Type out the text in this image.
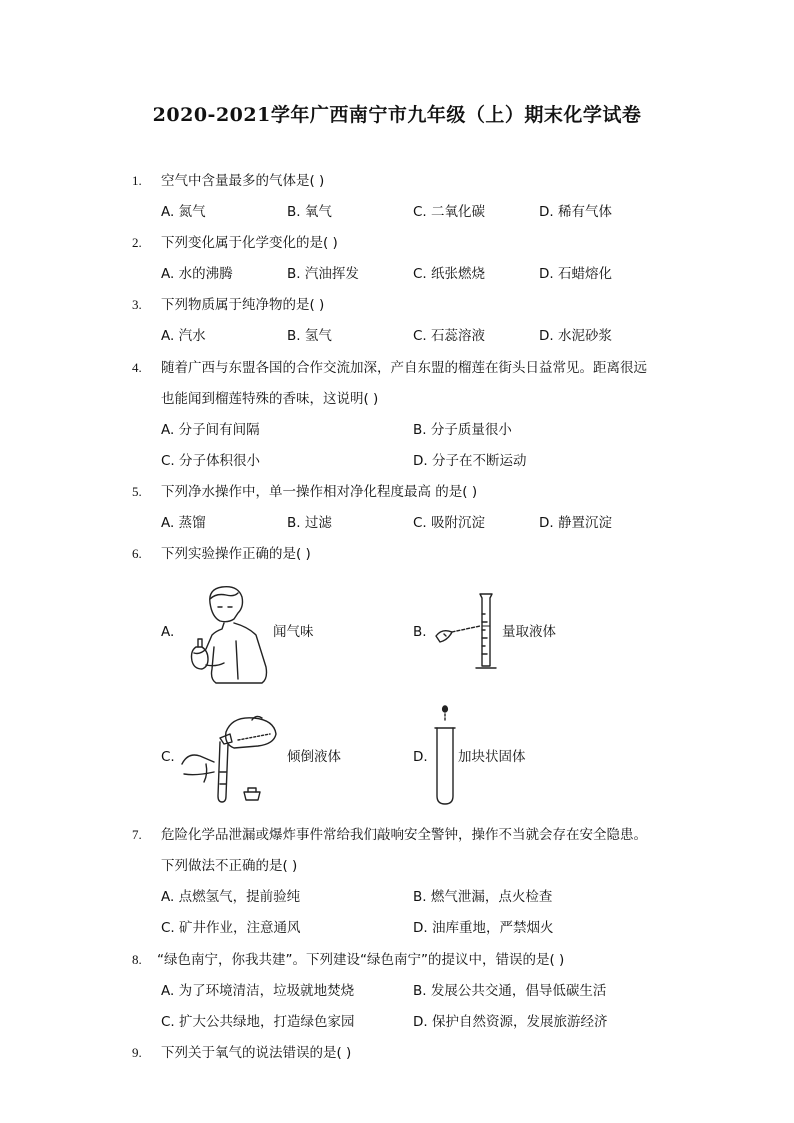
2020-2021学年广西南宁市九年级（上）期末化学试卷
1. 空气中含量最多的气体是( )
A. 氮气	B. 氧气	C. 二氧化碳	D. 稀有气体
2. 下列变化属于化学变化的是( )
A. 水的沸腾	B. 汽油挥发	C. 纸张燃烧	D. 石蜡熔化
3. 下列物质属于纯净物的是( )
A. 汽水	B. 氢气	C. 石蕊溶液	D. 水泥砂浆
4. 随着广西与东盟各国的合作交流加深，产自东盟的榴莲在街头日益常见。距离很远
也能闻到榴莲特殊的香味，这说明( )
A. 分子间有间隔	B. 分子质量很小
C. 分子体积很小	D. 分子在不断运动
5. 下列净水操作中，单一操作相对净化程度最高 的是( )
A. 蒸馏	B. 过滤	C. 吸附沉淀	D. 静置沉淀
6. 下列实验操作正确的是( )
A.	闻气味	B.	量取液体
C.	倾倒液体	D. 加块状固体
7. 危险化学品泄漏或爆炸事件常给我们敲响安全警钟，操作不当就会存在安全隐患。
下列做法不正确的是( )
A. 点燃氢气，提前验纯	B. 燃气泄漏，点火检查
C. 矿井作业，注意通风	D. 油库重地，严禁烟火
8. “绿色南宁，你我共建”。下列建设“绿色南宁”的提议中，错误的是( )
A. 为了环境清洁，垃圾就地焚烧	B. 发展公共交通，倡导低碳生活
C. 扩大公共绿地，打造绿色家园	D. 保护自然资源，发展旅游经济
9. 下列关于氧气的说法错误的是( )
